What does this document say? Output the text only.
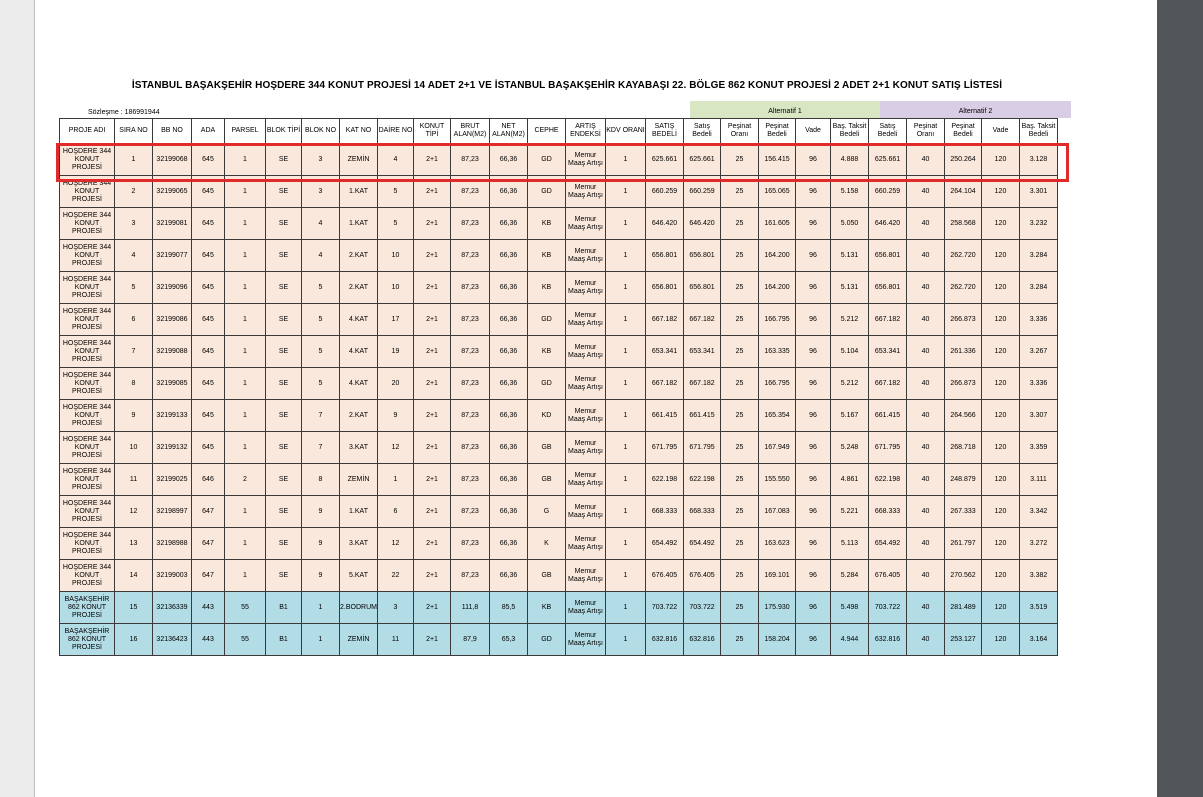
İSTANBUL BAŞAKŞEHİR HOŞDERE 344 KONUT PROJESİ 14 ADET 2+1 VE İSTANBUL BAŞAKŞEHİR KAYABAŞI 22. BÖLGE 862 KONUT PROJESİ 2 ADET 2+1 KONUT SATIŞ LİSTESİ
Sözleşme : 186991944	Alternatif 1	Alternatif 2
PROJE ADI	SIRA NO	BB NO	ADA	PARSEL	BLOK TİPİ	BLOK NO	KAT NO	DAİRE NO	KONUT TİPİ	BRUT ALAN(M2)	NET ALAN(M2)	CEPHE	ARTIŞ ENDEKSİ	KDV ORANI	SATIŞ BEDELİ	Satış Bedeli	Peşinat Oranı	Peşinat Bedeli	Vade	Baş. Taksit Bedeli	Satış Bedeli	Peşinat Oranı	Peşinat Bedeli	Vade	Baş. Taksit Bedeli
HOŞDERE 344 KONUT PROJESİ	1	32199068	645	1	SE	3	ZEMİN	4	2+1	87,23	66,36	GD	Memur Maaş Artışı	1	625.661	625.661	25	156.415	96	4.888	625.661	40	250.264	120	3.128
HOŞDERE 344 KONUT PROJESİ	2	32199065	645	1	SE	3	1.KAT	5	2+1	87,23	66,36	GD	Memur Maaş Artışı	1	660.259	660.259	25	165.065	96	5.158	660.259	40	264.104	120	3.301
HOŞDERE 344 KONUT PROJESİ	3	32199081	645	1	SE	4	1.KAT	5	2+1	87,23	66,36	KB	Memur Maaş Artışı	1	646.420	646.420	25	161.605	96	5.050	646.420	40	258.568	120	3.232
HOŞDERE 344 KONUT PROJESİ	4	32199077	645	1	SE	4	2.KAT	10	2+1	87,23	66,36	KB	Memur Maaş Artışı	1	656.801	656.801	25	164.200	96	5.131	656.801	40	262.720	120	3.284
HOŞDERE 344 KONUT PROJESİ	5	32199096	645	1	SE	5	2.KAT	10	2+1	87,23	66,36	KB	Memur Maaş Artışı	1	656.801	656.801	25	164.200	96	5.131	656.801	40	262.720	120	3.284
HOŞDERE 344 KONUT PROJESİ	6	32199086	645	1	SE	5	4.KAT	17	2+1	87,23	66,36	GD	Memur Maaş Artışı	1	667.182	667.182	25	166.795	96	5.212	667.182	40	266.873	120	3.336
HOŞDERE 344 KONUT PROJESİ	7	32199088	645	1	SE	5	4.KAT	19	2+1	87,23	66,36	KB	Memur Maaş Artışı	1	653.341	653.341	25	163.335	96	5.104	653.341	40	261.336	120	3.267
HOŞDERE 344 KONUT PROJESİ	8	32199085	645	1	SE	5	4.KAT	20	2+1	87,23	66,36	GD	Memur Maaş Artışı	1	667.182	667.182	25	166.795	96	5.212	667.182	40	266.873	120	3.336
HOŞDERE 344 KONUT PROJESİ	9	32199133	645	1	SE	7	2.KAT	9	2+1	87,23	66,36	KD	Memur Maaş Artışı	1	661.415	661.415	25	165.354	96	5.167	661.415	40	264.566	120	3.307
HOŞDERE 344 KONUT PROJESİ	10	32199132	645	1	SE	7	3.KAT	12	2+1	87,23	66,36	GB	Memur Maaş Artışı	1	671.795	671.795	25	167.949	96	5.248	671.795	40	268.718	120	3.359
HOŞDERE 344 KONUT PROJESİ	11	32199025	646	2	SE	8	ZEMİN	1	2+1	87,23	66,36	GB	Memur Maaş Artışı	1	622.198	622.198	25	155.550	96	4.861	622.198	40	248.879	120	3.111
HOŞDERE 344 KONUT PROJESİ	12	32198997	647	1	SE	9	1.KAT	6	2+1	87,23	66,36	G	Memur Maaş Artışı	1	668.333	668.333	25	167.083	96	5.221	668.333	40	267.333	120	3.342
HOŞDERE 344 KONUT PROJESİ	13	32198988	647	1	SE	9	3.KAT	12	2+1	87,23	66,36	K	Memur Maaş Artışı	1	654.492	654.492	25	163.623	96	5.113	654.492	40	261.797	120	3.272
HOŞDERE 344 KONUT PROJESİ	14	32199003	647	1	SE	9	5.KAT	22	2+1	87,23	66,36	GB	Memur Maaş Artışı	1	676.405	676.405	25	169.101	96	5.284	676.405	40	270.562	120	3.382
BAŞAKŞEHİR 862 KONUT PROJESİ	15	32136339	443	55	B1	1	2.BODRUM	3	2+1	111,8	85,5	KB	Memur Maaş Artışı	1	703.722	703.722	25	175.930	96	5.498	703.722	40	281.489	120	3.519
BAŞAKŞEHİR 862 KONUT PROJESİ	16	32136423	443	55	B1	1	ZEMİN	11	2+1	87,9	65,3	GD	Memur Maaş Artışı	1	632.816	632.816	25	158.204	96	4.944	632.816	40	253.127	120	3.164
